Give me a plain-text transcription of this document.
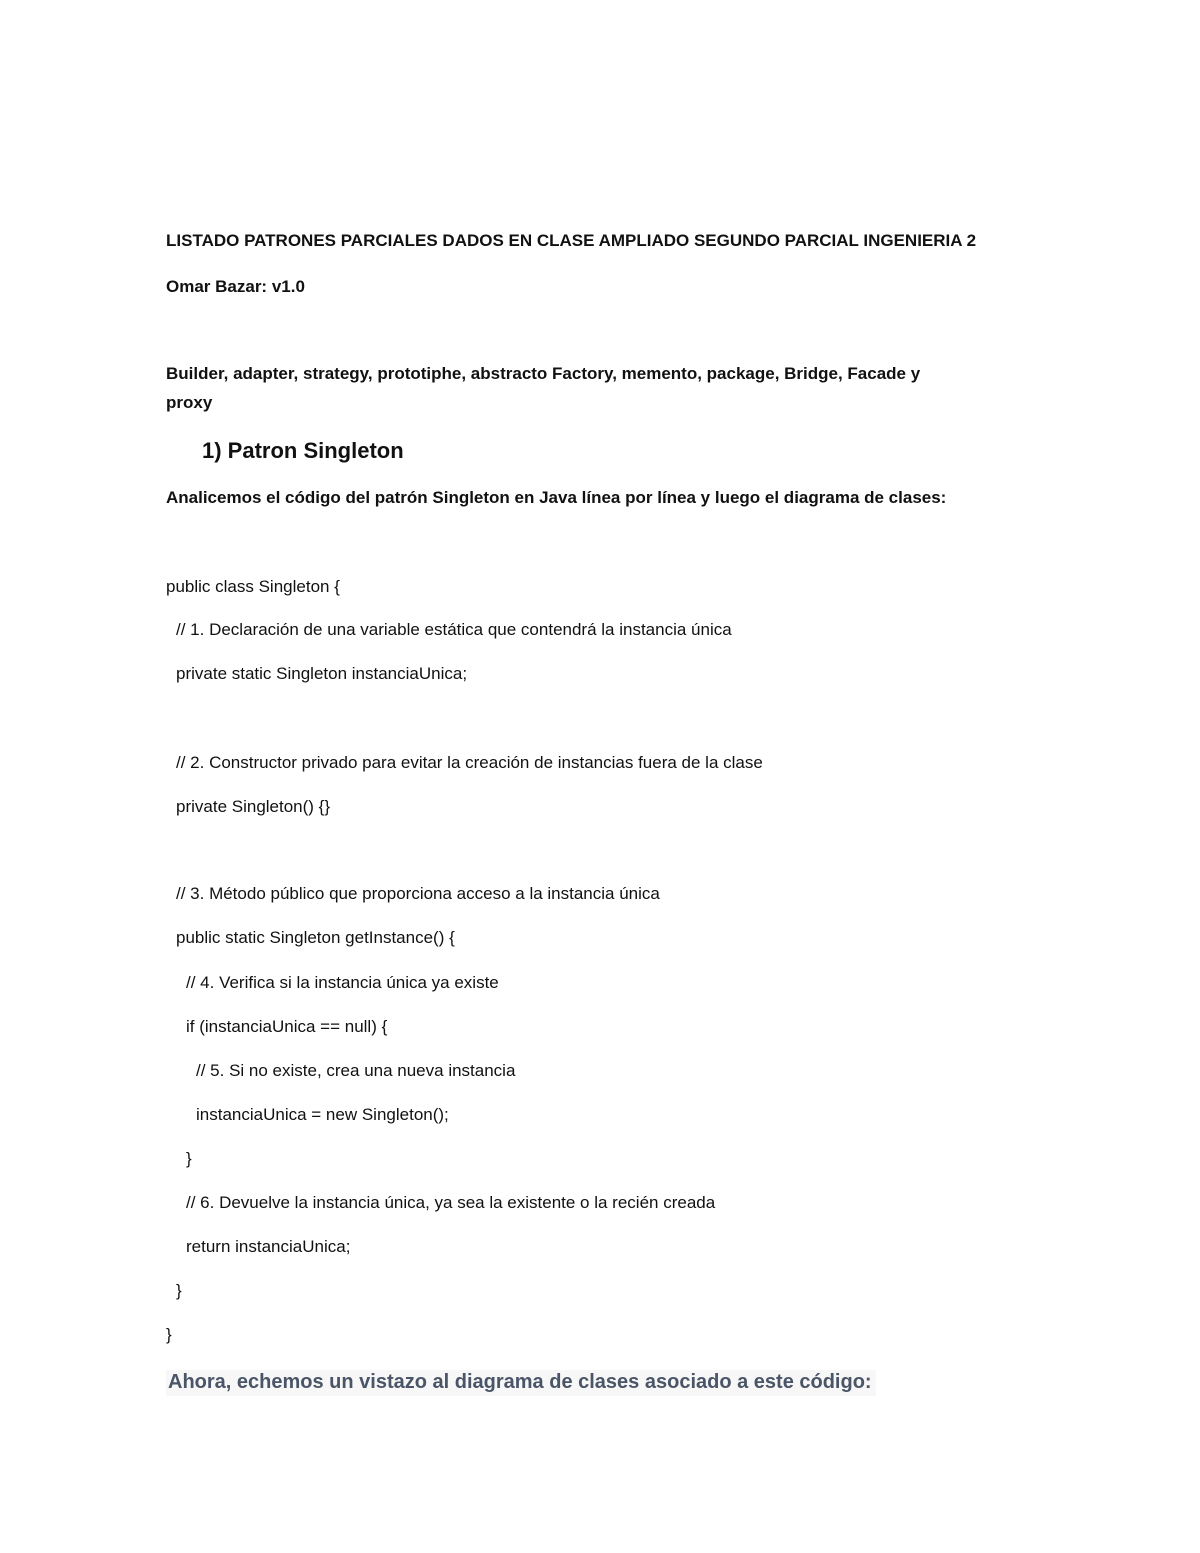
LISTADO PATRONES PARCIALES DADOS EN CLASE AMPLIADO SEGUNDO PARCIAL INGENIERIA 2
Omar Bazar: v1.0
Builder, adapter, strategy, prototiphe, abstracto Factory, memento, package, Bridge, Facade y
proxy
1) Patron Singleton
Analicemos el código del patrón Singleton en Java línea por línea y luego el diagrama de clases:
public class Singleton {
// 1. Declaración de una variable estática que contendrá la instancia única
private static Singleton instanciaUnica;
// 2. Constructor privado para evitar la creación de instancias fuera de la clase
private Singleton() {}
// 3. Método público que proporciona acceso a la instancia única
public static Singleton getInstance() {
// 4. Verifica si la instancia única ya existe
if (instanciaUnica == null) {
// 5. Si no existe, crea una nueva instancia
instanciaUnica = new Singleton();
}
// 6. Devuelve la instancia única, ya sea la existente o la recién creada
return instanciaUnica;
}
}
Ahora, echemos un vistazo al diagrama de clases asociado a este código:
